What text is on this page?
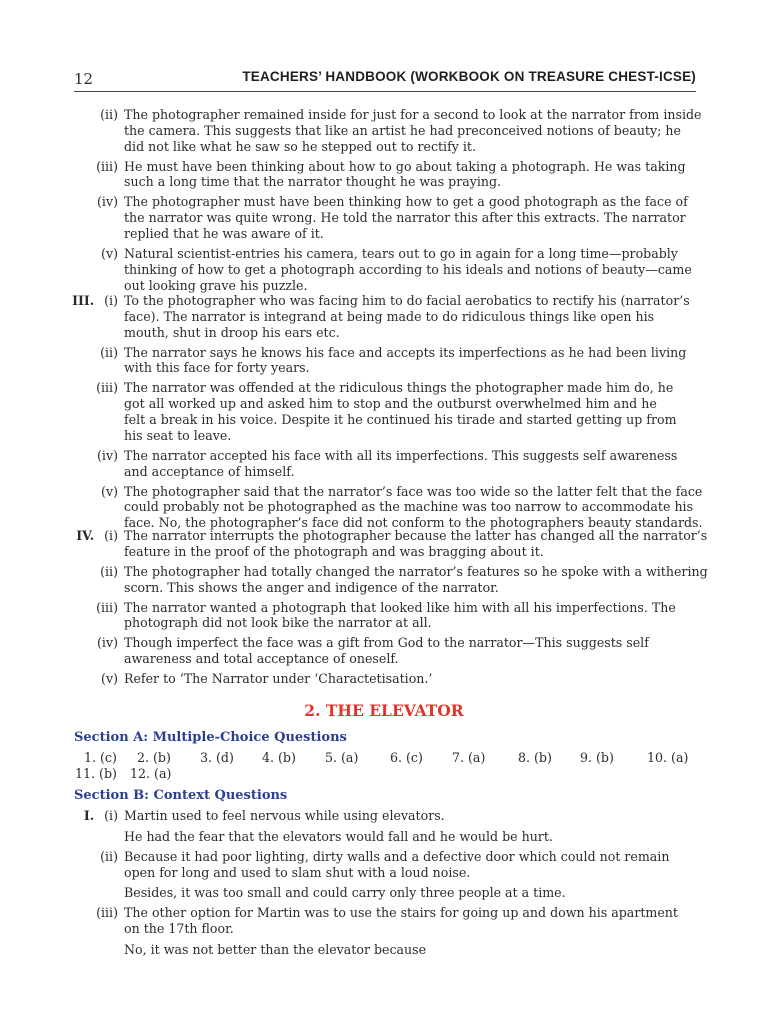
12	TEACHERS’ HANDBOOK (WORKBOOK ON TREASURE CHEST-ICSE)
(ii) The photographer remained inside for just for a second to look at the narrator from inside
the camera. This suggests that like an artist he had preconceived notions of beauty; he
did not like what he saw so he stepped out to rectify it.
(iii) He must have been thinking about how to go about taking a photograph. He was taking
such a long time that the narrator thought he was praying.
(iv) The photographer must have been thinking how to get a good photograph as the face of
the narrator was quite wrong. He told the narrator this after this extracts. The narrator
replied that he was aware of it.
(v) Natural scientist-entries his camera, tears out to go in again for a long time—probably
thinking of how to get a photograph according to his ideals and notions of beauty—came
out looking grave his puzzle.
III. (i) To the photographer who was facing him to do facial aerobatics to rectify his (narrator’s
face). The narrator is integrand at being made to do ridiculous things like open his
mouth, shut in droop his ears etc.
(ii) The narrator says he knows his face and accepts its imperfections as he had been living
with this face for forty years.
(iii) The narrator was offended at the ridiculous things the photographer made him do, he
got all worked up and asked him to stop and the outburst overwhelmed him and he
felt a break in his voice. Despite it he continued his tirade and started getting up from
his seat to leave.
(iv) The narrator accepted his face with all its imperfections. This suggests self awareness
and acceptance of himself.
(v) The photographer said that the narrator’s face was too wide so the latter felt that the face
could probably not be photographed as the machine was too narrow to accommodate his
face. No, the photographer’s face did not conform to the photographers beauty standards.
IV. (i) The narrator interrupts the photographer because the latter has changed all the narrator’s
feature in the proof of the photograph and was bragging about it.
(ii) The photographer had totally changed the narrator’s features so he spoke with a withering
scorn. This shows the anger and indigence of the narrator.
(iii) The narrator wanted a photograph that looked like him with all his imperfections. The
photograph did not look bike the narrator at all.
(iv) Though imperfect the face was a gift from God to the narrator—This suggests self
awareness and total acceptance of oneself.
(v) Refer to ‘The Narrator under ‘Charactetisation.’
2. THE ELEVATOR
Section A: Multiple-Choice Questions
1. (c) 2. (b) 3. (d) 4. (b) 5. (a)	6. (c) 7. (a)	8. (b) 9. (b)	10. (a)
11. (b) 12. (a)
Section B: Context Questions
I. (i) Martin used to feel nervous while using elevators.
He had the fear that the elevators would fall and he would be hurt.
(ii) Because it had poor lighting, dirty walls and a defective door which could not remain
open for long and used to slam shut with a loud noise.
Besides, it was too small and could carry only three people at a time.
(iii) The other option for Martin was to use the stairs for going up and down his apartment
on the 17th floor.
No, it was not better than the elevator because
